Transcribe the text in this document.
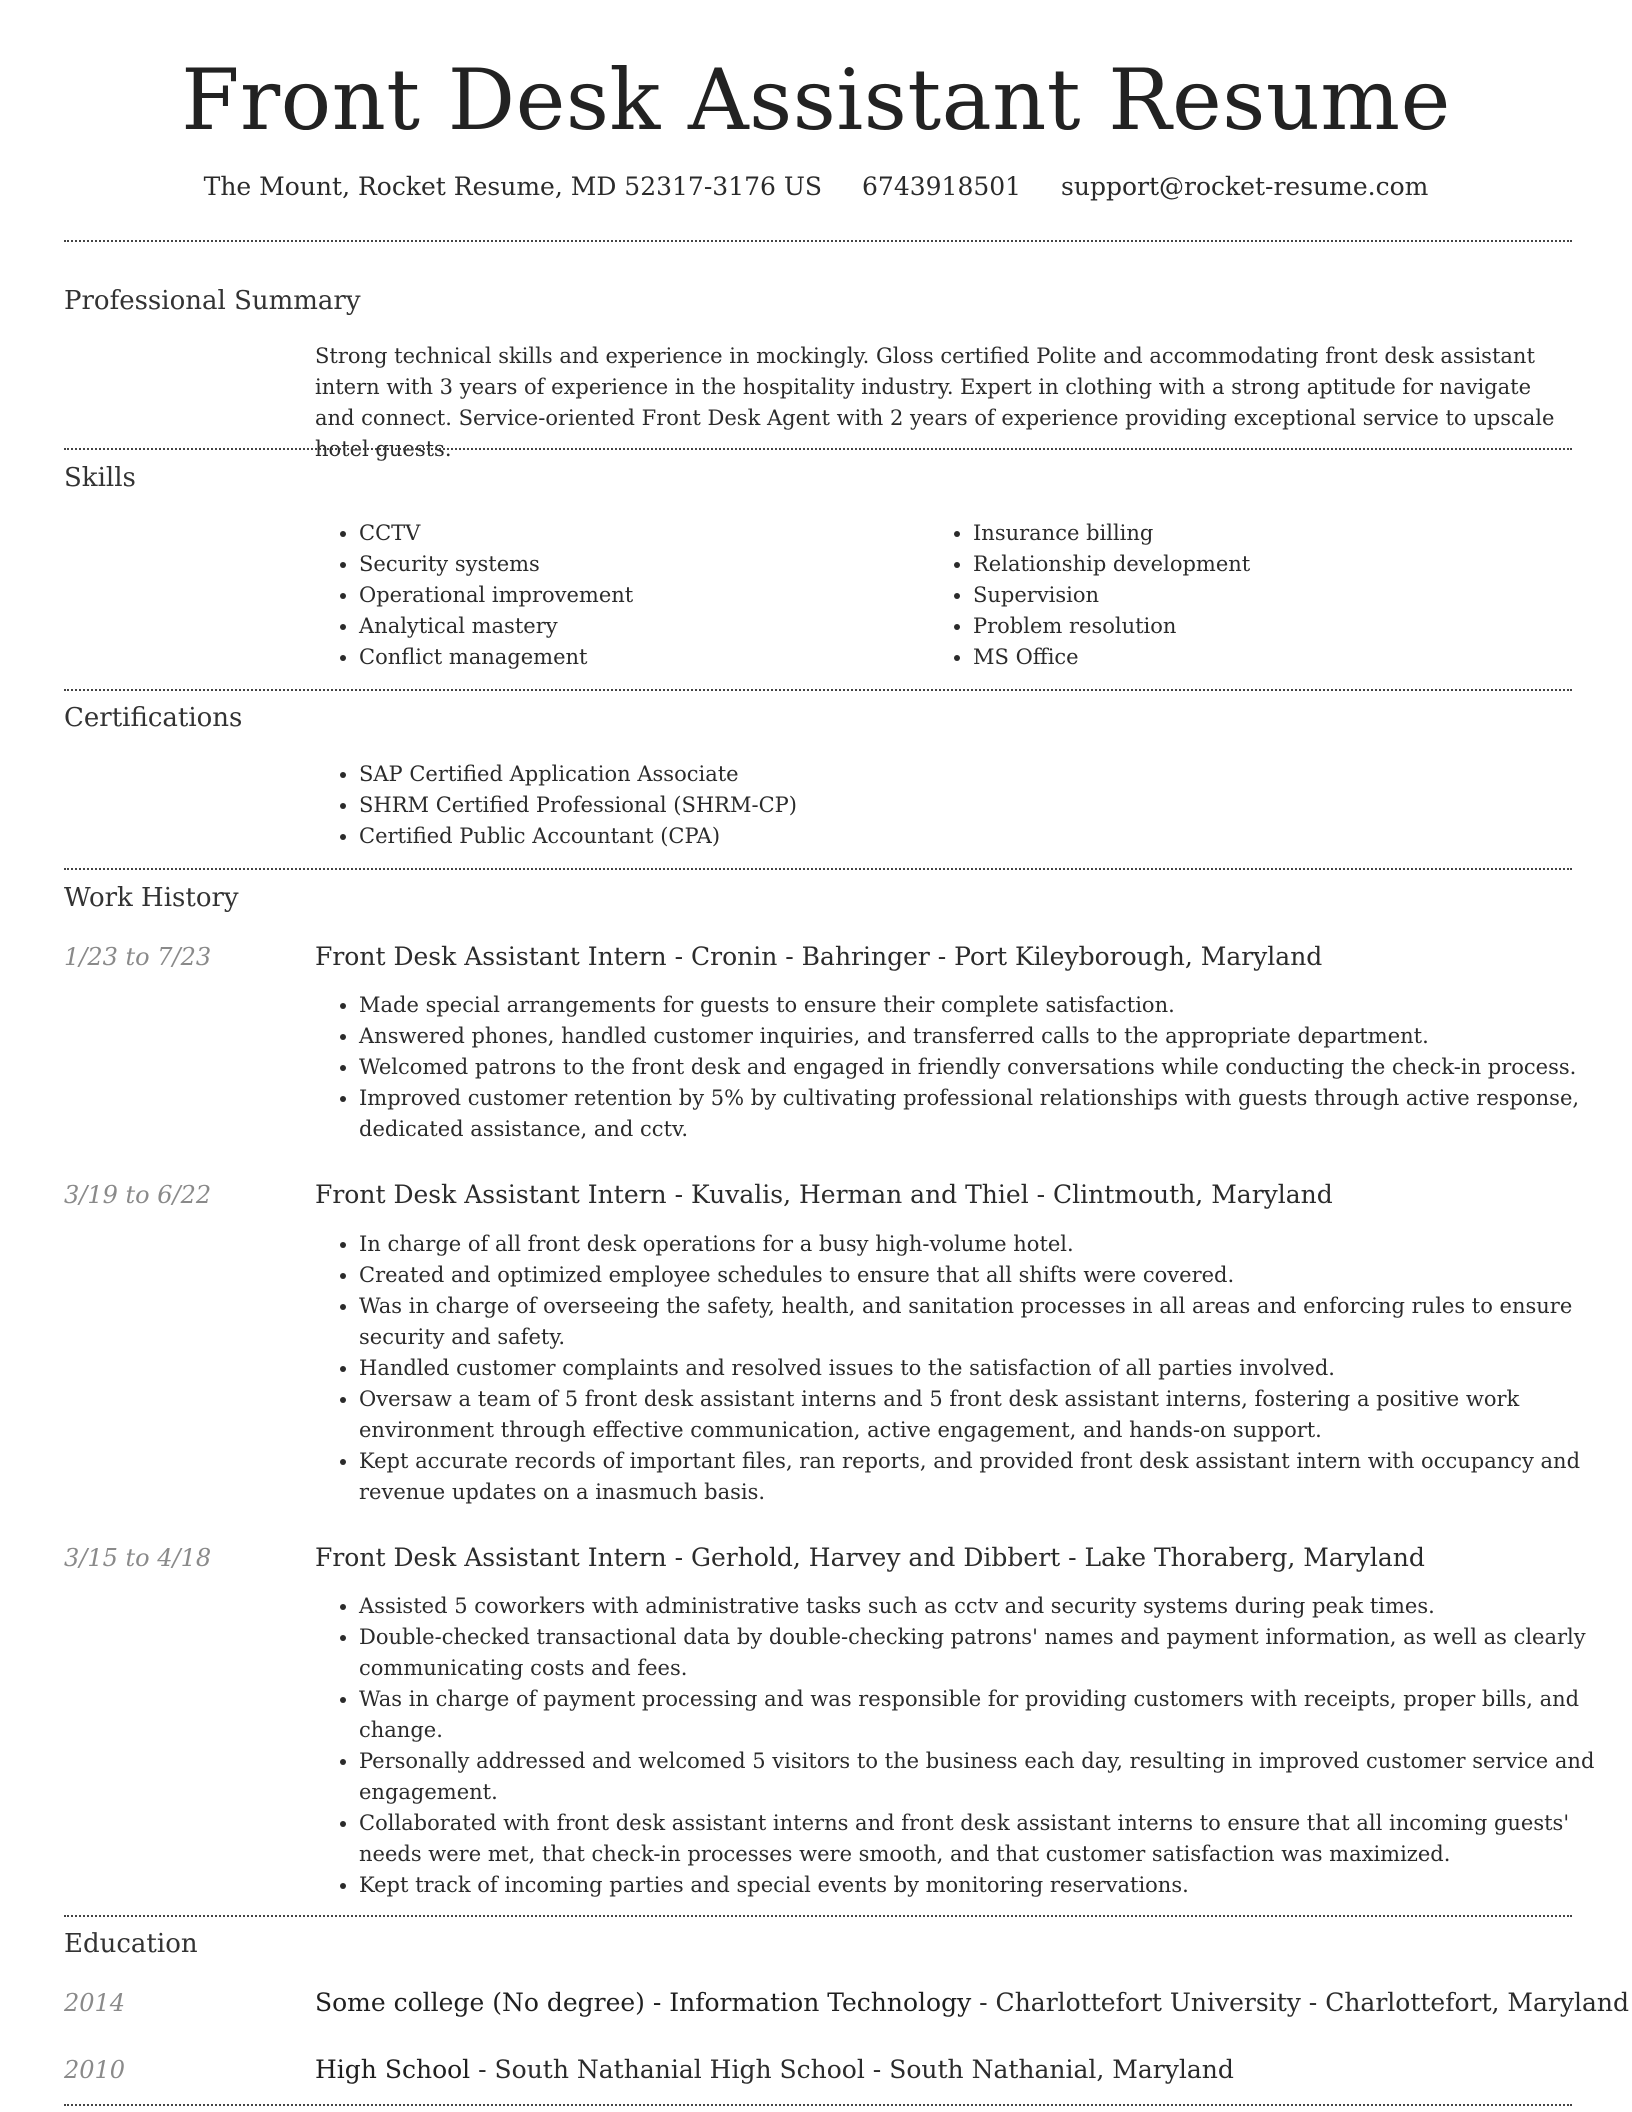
Front Desk Assistant Resume
The Mount, Rocket Resume, MD 52317-3176 US 6743918501 support@rocket-resume.com
Professional Summary

Strong technical skills and experience in mockingly. Gloss certified Polite and accommodating front desk assistant intern with 3 years of experience in the hospitality industry. Expert in clothing with a strong aptitude for navigate and connect. Service-oriented Front Desk Agent with 2 years of experience providing exceptional service to upscale hotel guests.

Skills
• CCTV
• Security systems
• Operational improvement
• Analytical mastery
• Conflict management
• Insurance billing
• Relationship development
• Supervision
• Problem resolution
• MS Office
Certifications
• SAP Certified Application Associate
• SHRM Certified Professional (SHRM-CP)
• Certified Public Accountant (CPA)
Work History
1/23 to 7/23	Front Desk Assistant Intern - Cronin - Bahringer - Port Kileyborough, Maryland
• Made special arrangements for guests to ensure their complete satisfaction.
• Answered phones, handled customer inquiries, and transferred calls to the appropriate department.
• Welcomed patrons to the front desk and engaged in friendly conversations while conducting the check-in process.
• Improved customer retention by 5% by cultivating professional relationships with guests through active response, dedicated assistance, and cctv.
3/19 to 6/22	Front Desk Assistant Intern - Kuvalis, Herman and Thiel - Clintmouth, Maryland
• In charge of all front desk operations for a busy high-volume hotel.
• Created and optimized employee schedules to ensure that all shifts were covered.
• Was in charge of overseeing the safety, health, and sanitation processes in all areas and enforcing rules to ensure security and safety.
• Handled customer complaints and resolved issues to the satisfaction of all parties involved.
• Oversaw a team of 5 front desk assistant interns and 5 front desk assistant interns, fostering a positive work environment through effective communication, active engagement, and hands-on support.
• Kept accurate records of important files, ran reports, and provided front desk assistant intern with occupancy and revenue updates on a inasmuch basis.
3/15 to 4/18	Front Desk Assistant Intern - Gerhold, Harvey and Dibbert - Lake Thoraberg, Maryland
• Assisted 5 coworkers with administrative tasks such as cctv and security systems during peak times.
• Double-checked transactional data by double-checking patrons' names and payment information, as well as clearly communicating costs and fees.
• Was in charge of payment processing and was responsible for providing customers with receipts, proper bills, and change.
• Personally addressed and welcomed 5 visitors to the business each day, resulting in improved customer service and engagement.
• Collaborated with front desk assistant interns and front desk assistant interns to ensure that all incoming guests' needs were met, that check-in processes were smooth, and that customer satisfaction was maximized.
• Kept track of incoming parties and special events by monitoring reservations.
Education
2014	Some college (No degree) - Information Technology - Charlottefort University - Charlottefort, Maryland
2010	High School - South Nathanial High School - South Nathanial, Maryland
